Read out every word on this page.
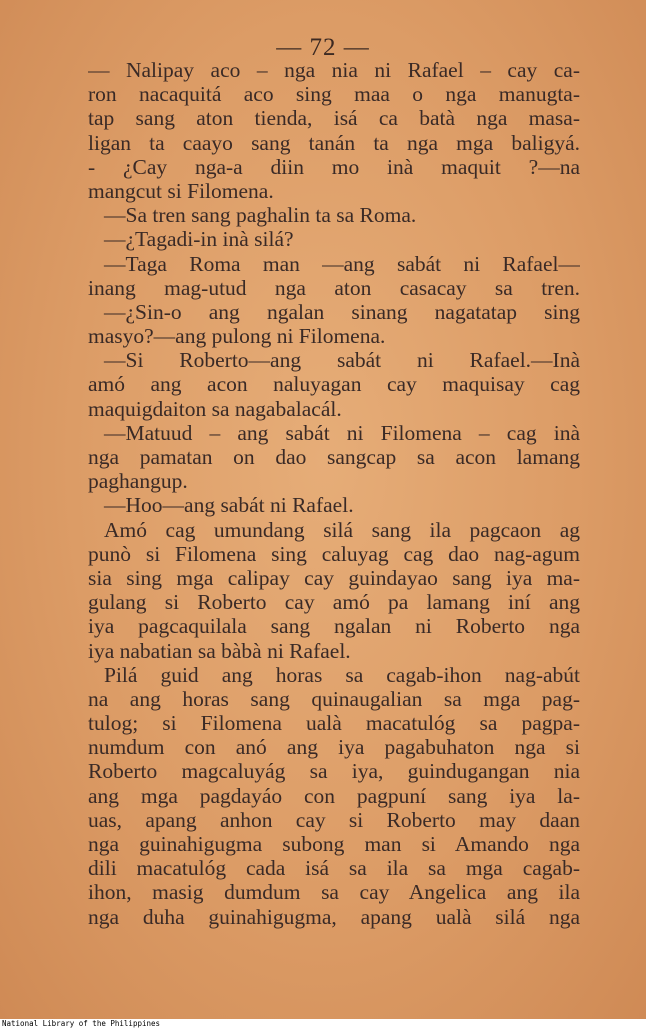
— 72 —
— Nalipay aco – nga nia ni Rafael – cay ca-
ron nacaquitá aco sing maa o nga manugta-
tap sang aton tienda, isá ca batà nga masa-
ligan ta caayo sang tanán ta nga mga baligyá.
- ¿Cay nga-a diin mo inà maquit ?—na
mangcut si Filomena.
—Sa tren sang paghalin ta sa Roma.
—¿Tagadi-in inà silá?
—Taga Roma man —ang sabát ni Rafael—
inang mag-utud nga aton casacay sa tren.
—¿Sin-o ang ngalan sinang nagatatap sing
masyo?—ang pulong ni Filomena.
—Si Roberto—ang sabát ni Rafael.—Inà
amó ang acon naluyagan cay maquisay cag
maquigdaiton sa nagabalacál.
—Matuud – ang sabát ni Filomena – cag inà
nga pamatan on dao sangcap sa acon lamang
paghangup.
—Hoo—ang sabát ni Rafael.
Amó cag umundang silá sang ila pagcaon ag
punò si Filomena sing caluyag cag dao nag-agum
sia sing mga calipay cay guindayao sang iya ma-
gulang si Roberto cay amó pa lamang iní ang
iya pagcaquilala sang ngalan ni Roberto nga
iya nabatian sa bàbà ni Rafael.
Pilá guid ang horas sa cagab-ihon nag-abút
na ang horas sang quinaugalian sa mga pag-
tulog; si Filomena ualà macatulóg sa pagpa-
numdum con anó ang iya pagabuhaton nga si
Roberto magcaluyág sa iya, guindugangan nia
ang mga pagdayáo con pagpuní sang iya la-
uas, apang anhon cay si Roberto may daan
nga guinahigugma subong man si Amando nga
dili macatulóg cada isá sa ila sa mga cagab-
ihon, masig dumdum sa cay Angelica ang ila
nga duha guinahigugma, apang ualà silá nga
National Library of the Philippines
